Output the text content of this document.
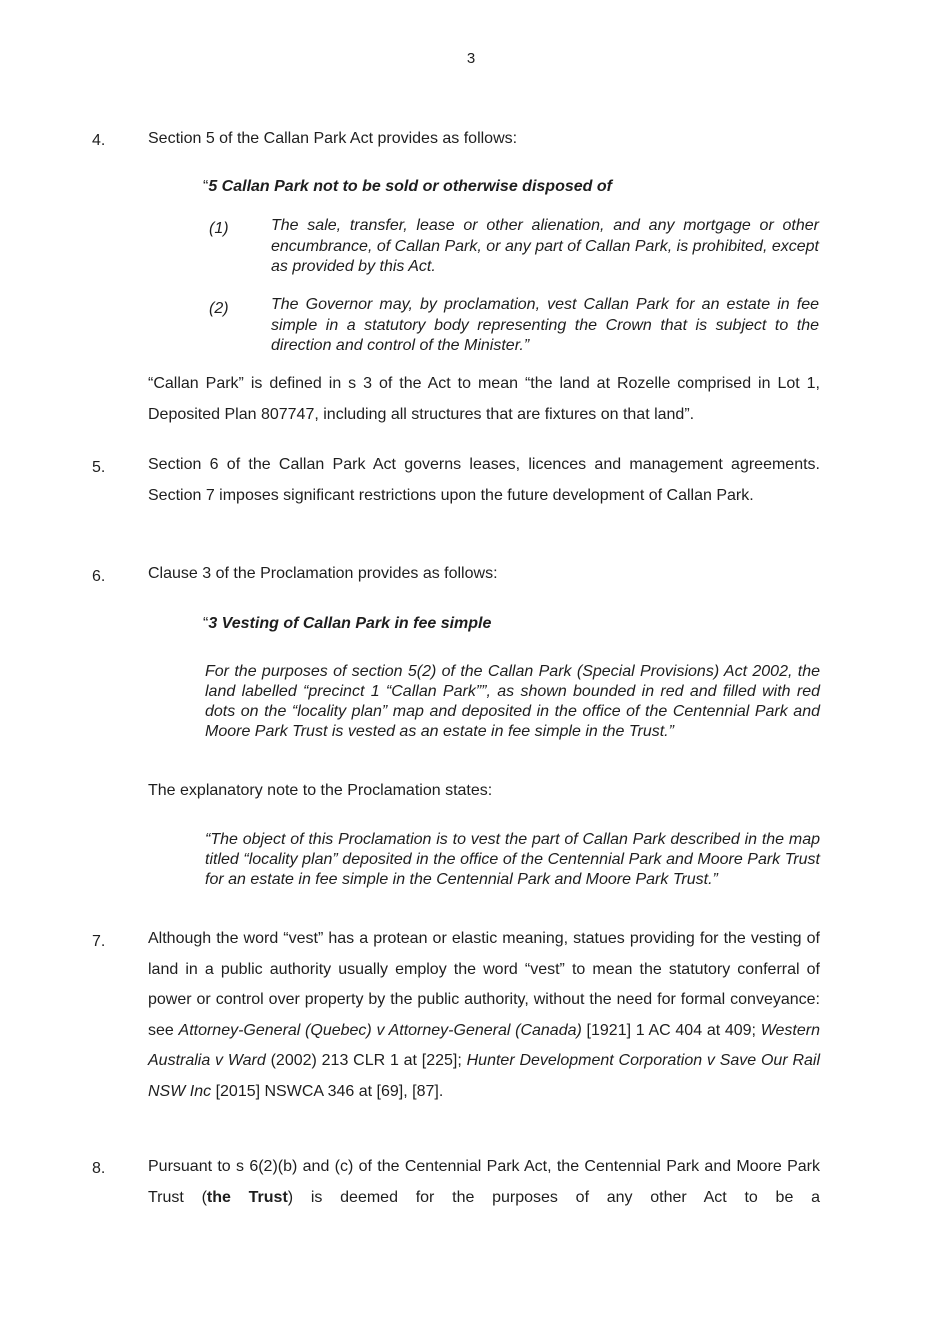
3
4.	Section 5 of the Callan Park Act provides as follows:
“5 Callan Park not to be sold or otherwise disposed of
(1)	The sale, transfer, lease or other alienation, and any mortgage or other encumbrance, of Callan Park, or any part of Callan Park, is prohibited, except as provided by this Act.
(2)	The Governor may, by proclamation, vest Callan Park for an estate in fee simple in a statutory body representing the Crown that is subject to the direction and control of the Minister.”
“Callan Park” is defined in s 3 of the Act to mean “the land at Rozelle comprised in Lot 1, Deposited Plan 807747, including all structures that are fixtures on that land”.
5.	Section 6 of the Callan Park Act governs leases, licences and management agreements. Section 7 imposes significant restrictions upon the future development of Callan Park.
6.	Clause 3 of the Proclamation provides as follows:
“3 Vesting of Callan Park in fee simple
For the purposes of section 5(2) of the Callan Park (Special Provisions) Act 2002, the land labelled “precinct 1 “Callan Park””, as shown bounded in red and filled with red dots on the “locality plan” map and deposited in the office of the Centennial Park and Moore Park Trust is vested as an estate in fee simple in the Trust.”
The explanatory note to the Proclamation states:
“The object of this Proclamation is to vest the part of Callan Park described in the map titled “locality plan” deposited in the office of the Centennial Park and Moore Park Trust for an estate in fee simple in the Centennial Park and Moore Park Trust.”
7.	Although the word “vest” has a protean or elastic meaning, statues providing for the vesting of land in a public authority usually employ the word “vest” to mean the statutory conferral of power or control over property by the public authority, without the need for formal conveyance: see Attorney-General (Quebec) v Attorney-General (Canada) [1921] 1 AC 404 at 409; Western Australia v Ward (2002) 213 CLR 1 at [225]; Hunter Development Corporation v Save Our Rail NSW Inc [2015] NSWCA 346 at [69], [87].
8.	Pursuant to s 6(2)(b) and (c) of the Centennial Park Act, the Centennial Park and Moore Park Trust (the Trust) is deemed for the purposes of any other Act to be a
